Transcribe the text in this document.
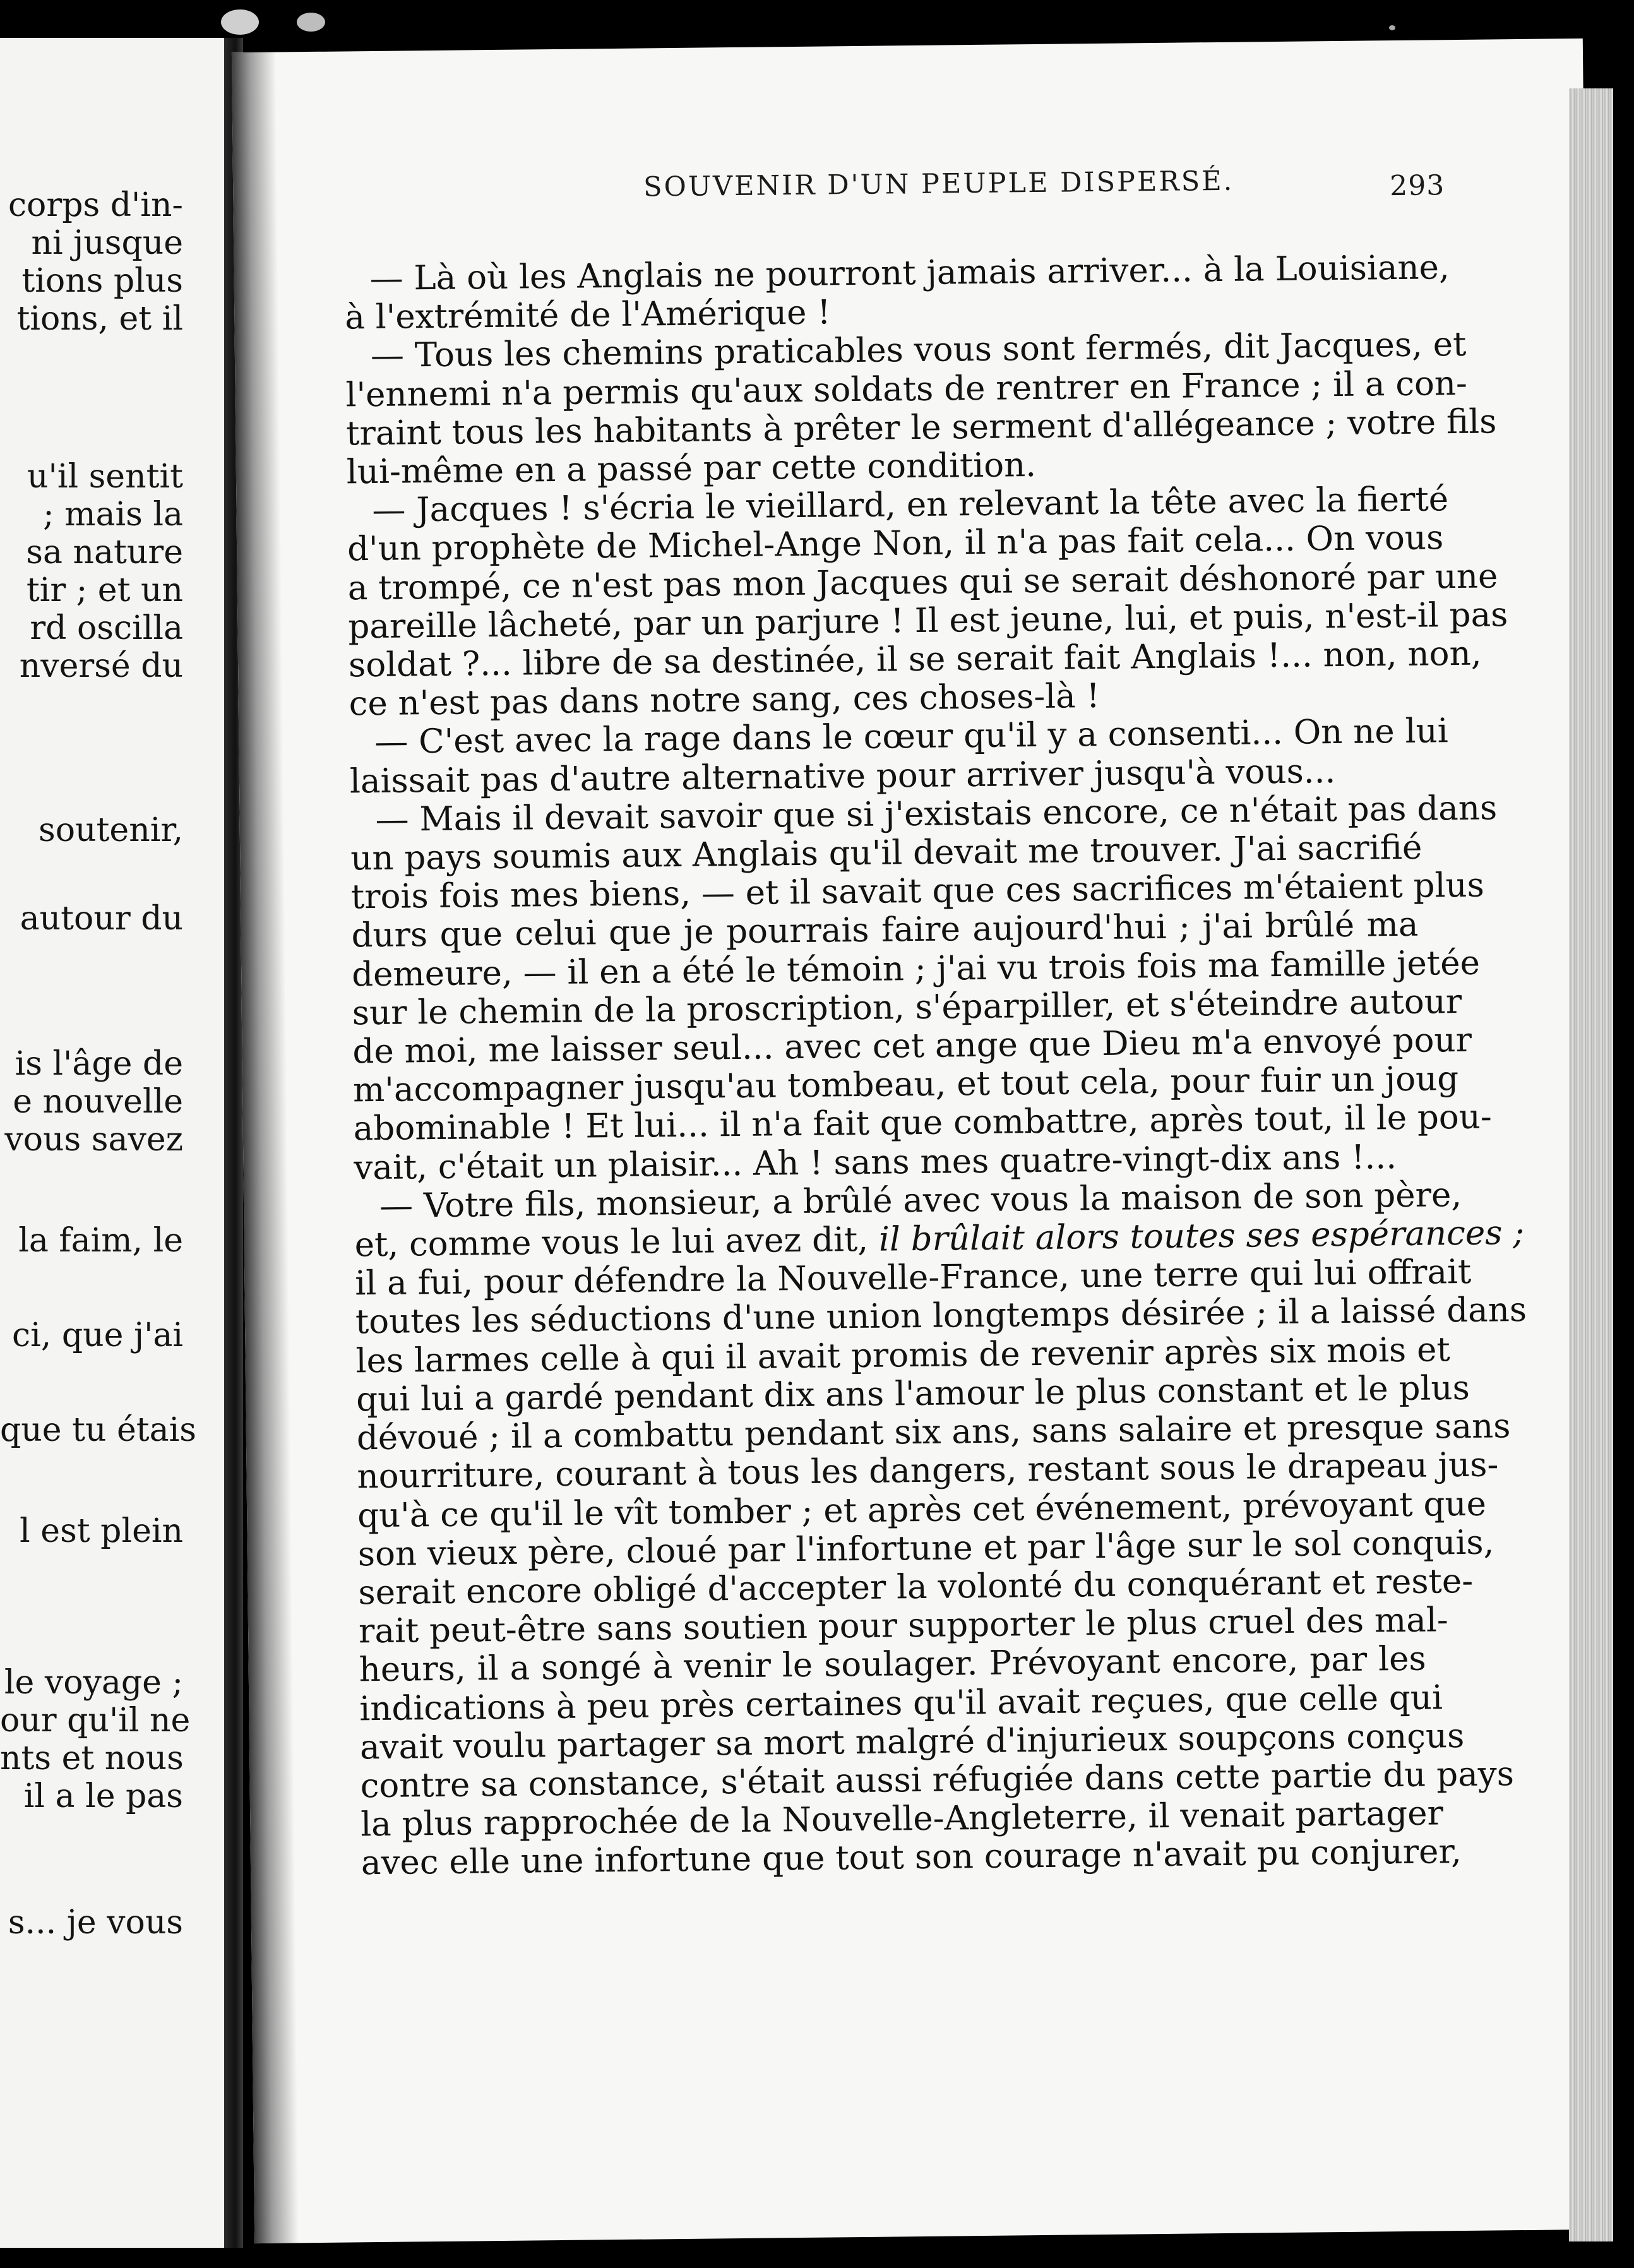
corps d'in-
ni jusque
tions plus
tions, et il
u'il sentit
; mais la
sa nature
tir ; et un
rd oscilla
nversé du
soutenir,
autour du
is l'âge de
e nouvelle
vous savez
la faim, le
ci, que j'ai
que tu étais
l est plein
le voyage ;
our qu'il ne
nts et nous
il a le pas
s... je vous
SOUVENIR D'UN PEUPLE DISPERSÉ.	293
— Là où les Anglais ne pourront jamais arriver... à la Louisiane,
à l'extrémité de l'Amérique !
— Tous les chemins praticables vous sont fermés, dit Jacques, et
l'ennemi n'a permis qu'aux soldats de rentrer en France ; il a con-
traint tous les habitants à prêter le serment d'allégeance ; votre fils
lui-même en a passé par cette condition.
— Jacques ! s'écria le vieillard, en relevant la tête avec la fierté
d'un prophète de Michel-Ange Non, il n'a pas fait cela... On vous
a trompé, ce n'est pas mon Jacques qui se serait déshonoré par une
pareille lâcheté, par un parjure ! Il est jeune, lui, et puis, n'est-il pas
soldat ?... libre de sa destinée, il se serait fait Anglais !... non, non,
ce n'est pas dans notre sang, ces choses-là !
— C'est avec la rage dans le cœur qu'il y a consenti... On ne lui
laissait pas d'autre alternative pour arriver jusqu'à vous...
— Mais il devait savoir que si j'existais encore, ce n'était pas dans
un pays soumis aux Anglais qu'il devait me trouver. J'ai sacrifié
trois fois mes biens, — et il savait que ces sacrifices m'étaient plus
durs que celui que je pourrais faire aujourd'hui ; j'ai brûlé ma
demeure, — il en a été le témoin ; j'ai vu trois fois ma famille jetée
sur le chemin de la proscription, s'éparpiller, et s'éteindre autour
de moi, me laisser seul... avec cet ange que Dieu m'a envoyé pour
m'accompagner jusqu'au tombeau, et tout cela, pour fuir un joug
abominable ! Et lui... il n'a fait que combattre, après tout, il le pou-
vait, c'était un plaisir... Ah ! sans mes quatre-vingt-dix ans !...
— Votre fils, monsieur, a brûlé avec vous la maison de son père,
et, comme vous le lui avez dit, il brûlait alors toutes ses espérances ;
il a fui, pour défendre la Nouvelle-France, une terre qui lui offrait
toutes les séductions d'une union longtemps désirée ; il a laissé dans
les larmes celle à qui il avait promis de revenir après six mois et
qui lui a gardé pendant dix ans l'amour le plus constant et le plus
dévoué ; il a combattu pendant six ans, sans salaire et presque sans
nourriture, courant à tous les dangers, restant sous le drapeau jus-
qu'à ce qu'il le vît tomber ; et après cet événement, prévoyant que
son vieux père, cloué par l'infortune et par l'âge sur le sol conquis,
serait encore obligé d'accepter la volonté du conquérant et reste-
rait peut-être sans soutien pour supporter le plus cruel des mal-
heurs, il a songé à venir le soulager. Prévoyant encore, par les
indications à peu près certaines qu'il avait reçues, que celle qui
avait voulu partager sa mort malgré d'injurieux soupçons conçus
contre sa constance, s'était aussi réfugiée dans cette partie du pays
la plus rapprochée de la Nouvelle-Angleterre, il venait partager
avec elle une infortune que tout son courage n'avait pu conjurer,
